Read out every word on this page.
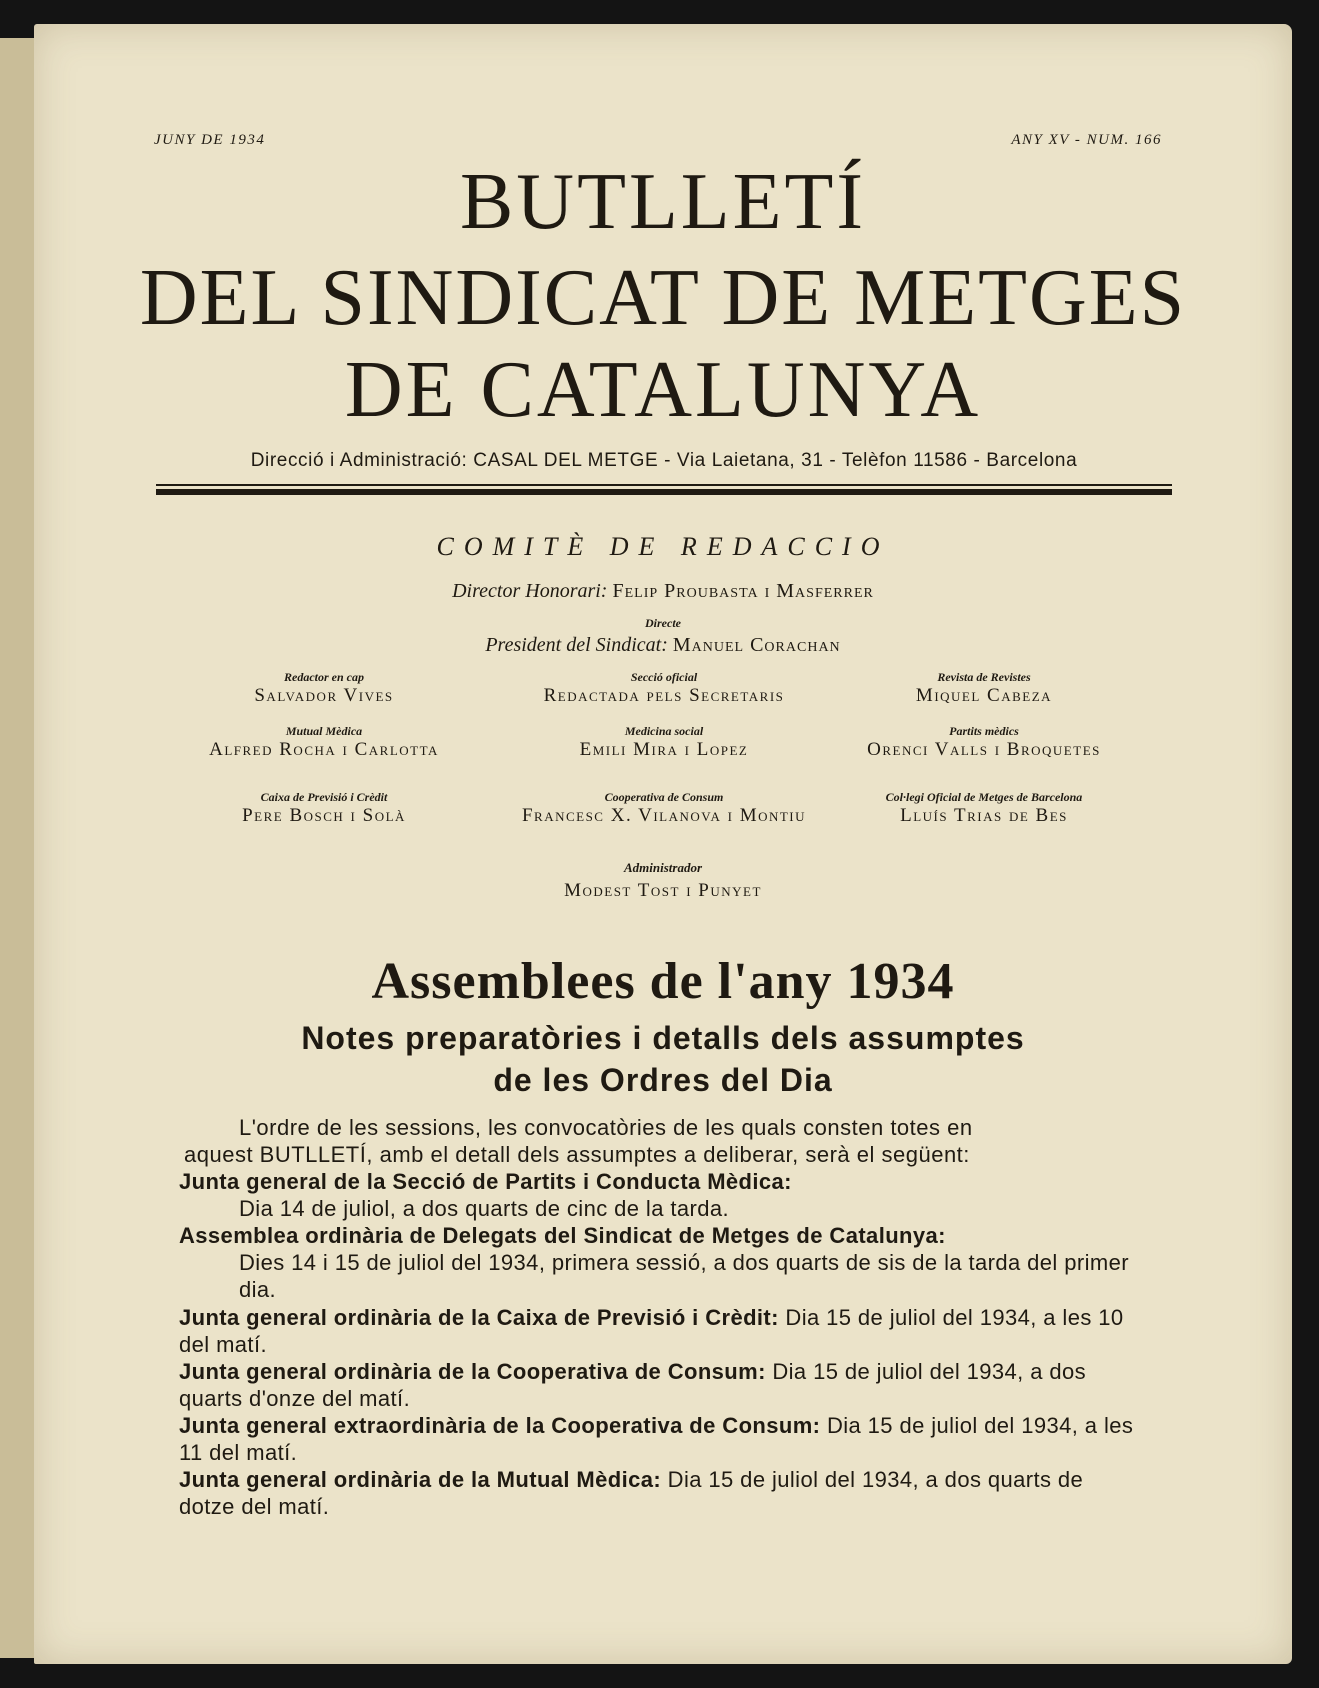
JUNY DE 1934	ANY XV - NUM. 166
BUTLLETÍ
DEL SINDICAT DE METGES
DE CATALUNYA
Direcció i Administració: CASAL DEL METGE - Via Laietana, 31 - Telèfon 11586 - Barcelona
COMITÈ DE REDACCIO
Director Honorari: Felip Proubasta i Masferrer
Directe
President del Sindicat: Manuel Corachan
Redactor en cap
Salvador Vives
Secció oficial
Redactada pels Secretaris
Revista de Revistes
Miquel Cabeza
Mutual Mèdica
Alfred Rocha i Carlotta
Medicina social
Emili Mira i Lopez
Partits mèdics
Orenci Valls i Broquetes
Caixa de Previsió i Crèdit
Pere Bosch i Solà
Cooperativa de Consum
Francesc X. Vilanova i Montiu
Col·legi Oficial de Metges de Barcelona
Lluís Trias de Bes
Administrador
Modest Tost i Punyet
Assemblees de l'any 1934
Notes preparatòries i detalls dels assumptes
de les Ordres del Dia
L'ordre de les sessions, les convocatòries de les quals consten totes en
aquest BUTLLETÍ, amb el detall dels assumptes a deliberar, serà el següent:
Junta general de la Secció de Partits i Conducta Mèdica:
Dia 14 de juliol, a dos quarts de cinc de la tarda.
Assemblea ordinària de Delegats del Sindicat de Metges de Catalunya:
Dies 14 i 15 de juliol del 1934, primera sessió, a dos quarts de sis de la tarda del primer dia.
Junta general ordinària de la Caixa de Previsió i Crèdit: Dia 15 de juliol del 1934, a les 10 del matí.
Junta general ordinària de la Cooperativa de Consum: Dia 15 de juliol del 1934, a dos quarts d'onze del matí.
Junta general extraordinària de la Cooperativa de Consum: Dia 15 de juliol del 1934, a les 11 del matí.
Junta general ordinària de la Mutual Mèdica: Dia 15 de juliol del 1934, a dos quarts de dotze del matí.
